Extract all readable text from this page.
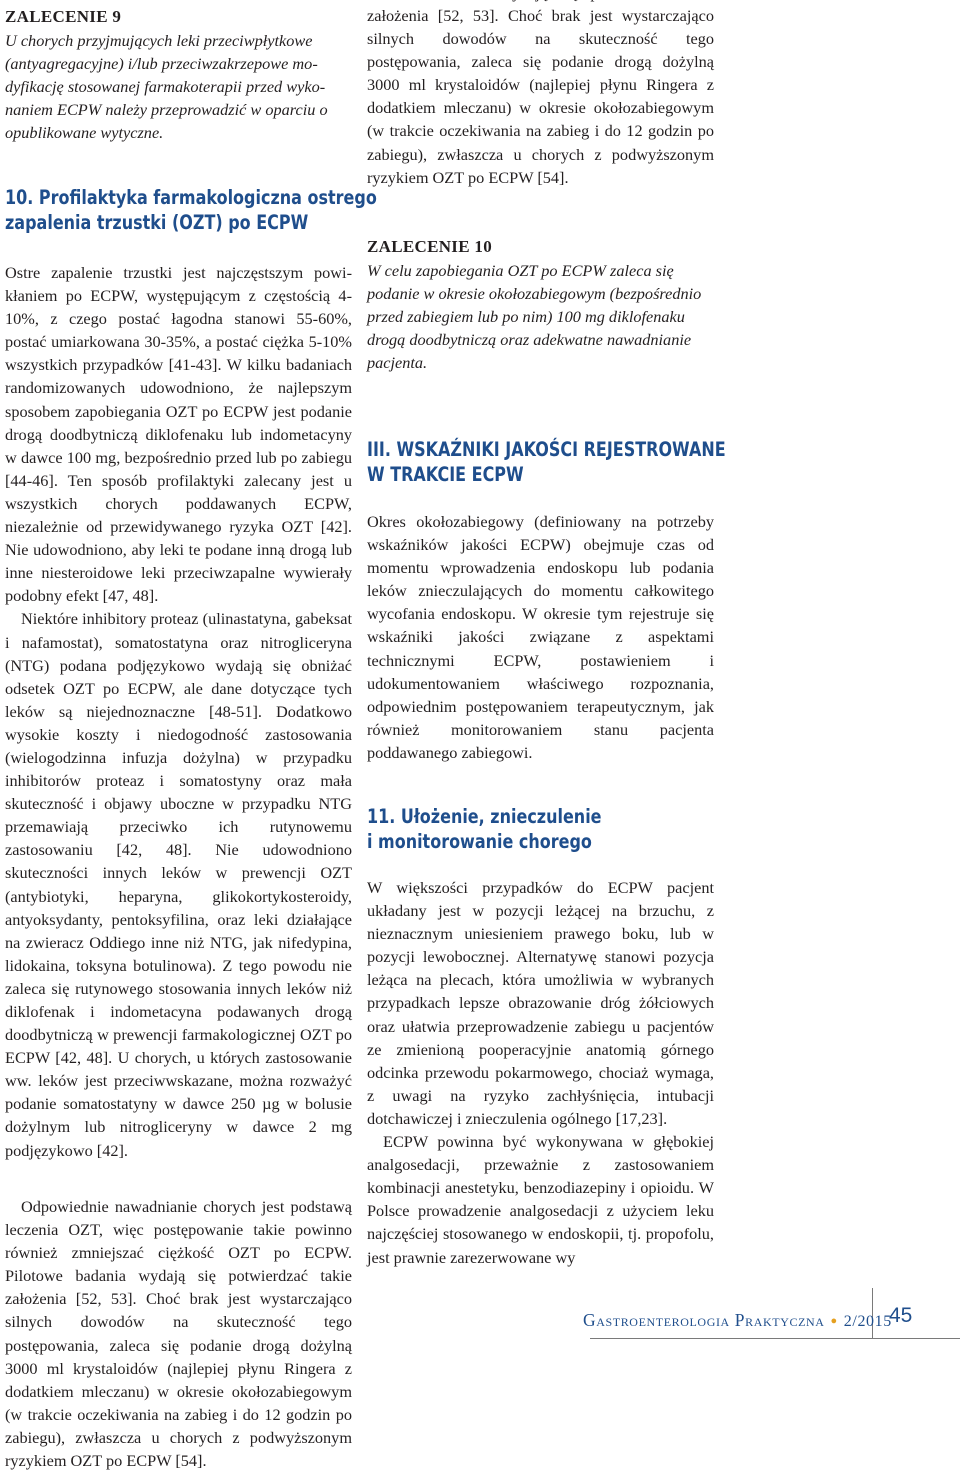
ZALECENIE 9
U chorych przyjmujących leki przeciwpłytkowe (antyagregacyjne) i/lub przeciwzakrzepowe modyfikację stosowanej farmakoterapii przed wykonaniem ECPW należy przeprowadzić w oparciu o opublikowane wytyczne.
10. Profilaktyka farmakologiczna ostrego
zapalenia trzustki (OZT) po ECPW

Ostre zapalenie trzustki jest najczęstszym powikłaniem po ECPW, występującym z częstością 4-10%, z czego postać łagodna stanowi 55-60%, postać umiarkowana 30-35%, a postać ciężka 5-10% wszystkich przypadków [41-43]. W kilku badaniach randomizowanych udowodniono, że najlepszym sposobem zapobiegania OZT po ECPW jest podanie drogą doodbytniczą diklofenaku lub indometacyny w dawce 100 mg, bezpośrednio przed lub po zabiegu [44-46]. Ten sposób profilaktyki zalecany jest u wszystkich chorych poddawanych ECPW, niezależnie od przewidywanego ryzyka OZT [42]. Nie udowodniono, aby leki te podane inną drogą lub inne niesteroidowe leki przeciwzapalne wywierały podobny efekt [47, 48].

Niektóre inhibitory proteaz (ulinastatyna, gabeksat i nafamostat), somatostatyna oraz nitrogliceryna (NTG) podana podjęzykowo wydają się obniżać odsetek OZT po ECPW, ale dane dotyczące tych leków są niejednoznaczne [48-51]. Dodatkowo wysokie koszty i niedogodność zastosowania (wielogodzinna infuzja dożylna) w przypadku inhibitorów proteaz i somatostyny oraz mała skuteczność i objawy uboczne w przypadku NTG przemawiają przeciwko ich rutynowemu zastosowaniu [42, 48]. Nie udowodniono skuteczności innych leków w prewencji OZT (antybiotyki, heparyna, glikokortykosteroidy, antyoksydanty, pentoksyfilina, oraz leki działające na zwieracz Oddiego inne niż NTG, jak nifedypina, lidokaina, toksyna botulinowa). Z tego powodu nie zaleca się rutynowego stosowania innych leków niż diklofenak i indometacyna podawanych drogą doodbytniczą w prewencji farmakologicznej OZT po ECPW [42, 48]. U chorych, u których zastosowanie ww. leków jest przeciwwskazane, można rozważyć podanie somatostatyny w dawce 250 µg w bolusie dożylnym lub nitrogliceryny w dawce 2 mg podjęzykowo [42].

Odpowiednie nawadnianie chorych jest podstawą leczenia OZT, więc postępowanie takie powinno również zmniejszać ciężkość OZT po ECPW. Pilotowe badania wydają się potwierdzać takie założenia [52, 53]. Choć brak jest wystarczająco silnych dowodów na skuteczność tego postępowania, zaleca się podanie drogą dożylną 3000 ml krystaloidów (najlepiej płynu Ringera z dodatkiem mleczanu) w okresie okołozabiegowym (w trakcie oczekiwania na zabieg i do 12 godzin po zabiegu), zwłaszcza u chorych z podwyższonym ryzykiem OZT po ECPW [54].

założenia [52, 53]. Choć brak jest wystarczająco silnych dowodów na skuteczność tego postępowania, zaleca się podanie drogą dożylną 3000 ml krystaloidów (najlepiej płynu Ringera z dodatkiem mleczanu) w okresie okołozabiegowym (w trakcie oczekiwania na zabieg i do 12 godzin po zabiegu), zwłaszcza u chorych z podwyższonym ryzykiem OZT po ECPW [54].

ZALECENIE 10
W celu zapobiegania OZT po ECPW zaleca się podanie w okresie okołozabiegowym (bezpośrednio przed zabiegiem lub po nim) 100 mg diklofenaku drogą doodbytniczą oraz adekwatne nawadnianie pacjenta.
III. WSKAŹNIKI JAKOŚCI REJESTROWANE
W TRAKCIE ECPW

Okres okołozabiegowy (definiowany na potrzeby wskaźników jakości ECPW) obejmuje czas od momentu wprowadzenia endoskopu lub podania leków znieczulających do momentu całkowitego wycofania endoskopu. W okresie tym rejestruje się wskaźniki jakości związane z aspektami technicznymi ECPW, postawieniem i udokumentowaniem właściwego rozpoznania, odpowiednim postępowaniem terapeutycznym, jak również monitorowaniem stanu pacjenta poddawanego zabiegowi.

11. Ułożenie, znieczulenie
i monitorowanie chorego

W większości przypadków do ECPW pacjent układany jest w pozycji leżącej na brzuchu, z nieznacznym uniesieniem prawego boku, lub w pozycji lewobocznej. Alternatywę stanowi pozycja leżąca na plecach, która umożliwia w wybranych przypadkach lepsze obrazowanie dróg żółciowych oraz ułatwia przeprowadzenie zabiegu u pacjentów ze zmienioną pooperacyjnie anatomią górnego odcinka przewodu pokarmowego, chociaż wymaga, z uwagi na ryzyko zachłyśnięcia, intubacji dotchawiczej i znieczulenia ogólnego [17,23].

ECPW powinna być wykonywana w głębokiej analgosedacji, przeważnie z zastosowaniem kombinacji anestetyku, benzodiazepiny i opioidu. W Polsce prowadzenie analgosedacji z użyciem leku najczęściej stosowanego w endoskopii, tj. propofolu, jest prawnie zarezerwowane wy

Gastroenterologia Praktyczna ● 2/2015
45
